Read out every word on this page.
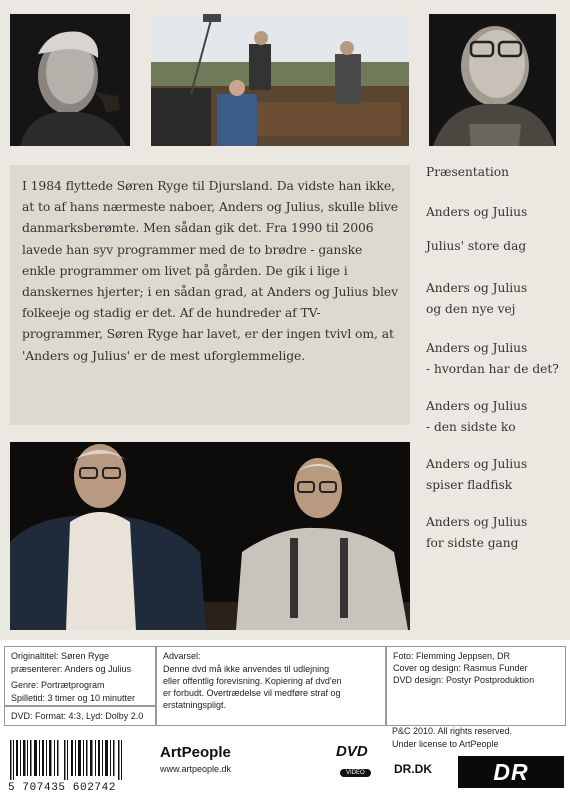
I 1984 flyttede Søren Ryge til Djursland. Da vidste han ikke, at to af hans nærmeste naboer, Anders og Julius, skulle blive danmarksberømte. Men sådan gik det. Fra 1990 til 2006 lavede han syv programmer med de to brødre - ganske enkle programmer om livet på gården. De gik i lige i danskernes hjerter; i en sådan grad, at Anders og Julius blev folkeeje og stadig er det. Af de hundreder af TV-programmer, Søren Ryge har lavet, er der ingen tvivl om, at 'Anders og Julius' er de mest uforglemmelige.

Præsentation
Anders og Julius
Julius' store dag
Anders og Julius
og den nye vej
Anders og Julius
- hvordan har de det?
Anders og Julius
- den sidste ko
Anders og Julius
spiser fladfisk
Anders og Julius
for sidste gang
Originaltitel: Søren Ryge
præsenterer: Anders og Julius
Genre: Portrætprogram
Spilletid: 3 timer og 10 minutter
DVD: Format: 4:3, Lyd: Dolby 2.0
Advarsel:
Denne dvd må ikke anvendes til udlejning
eller offentlig forevisning. Kopiering af dvd'en
er forbudt. Overtrædelse vil medføre straf og
erstatningspligt.
Foto: Flemming Jeppsen, DR
Cover og design: Rasmus Funder
DVD design: Postyr Postproduktion
5 707435 602742
ArtPeople
www.artpeople.dk
DVD
VIDEO
P&C 2010. All rights reserved.
Under license to ArtPeople
DR.DK	DR
